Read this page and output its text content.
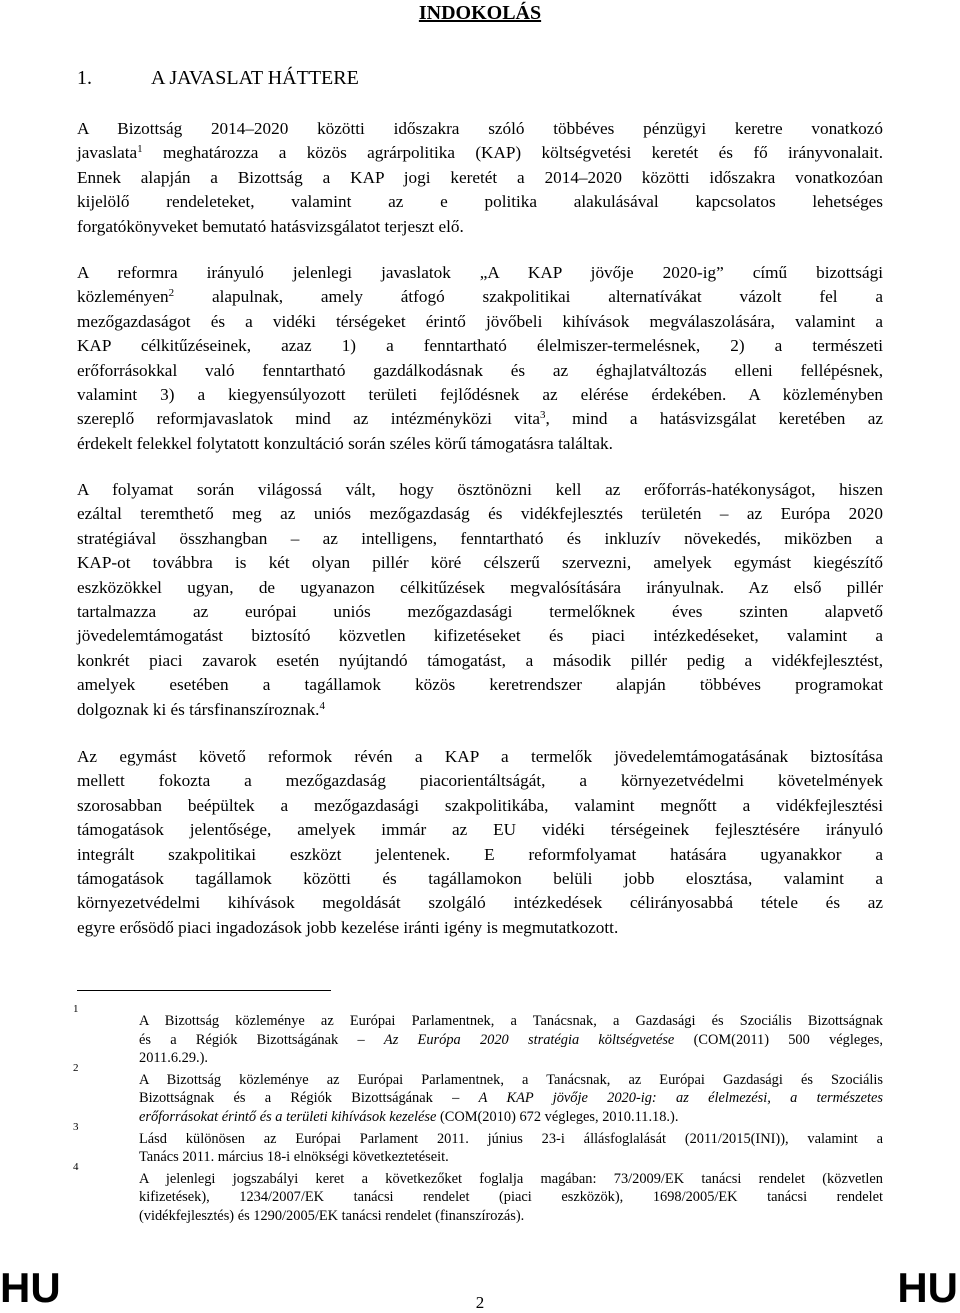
INDOKOLÁS
1.	A JAVASLAT HÁTTERE
A Bizottság 2014–2020 közötti időszakra szóló többéves pénzügyi keretre vonatkozó
javaslata$^1$ meghatározza a közös agrárpolitika (KAP) költségvetési keretét és fő irányvonalait.
Ennek alapján a Bizottság a KAP jogi keretét a 2014–2020 közötti időszakra vonatkozóan
kijelölő rendeleteket, valamint az e politika alakulásával kapcsolatos lehetséges
forgatókönyveket bemutató hatásvizsgálatot terjeszt elő.
A reformra irányuló jelenlegi javaslatok „A KAP jövője 2020-ig” című bizottsági
közleményen$^2$ alapulnak, amely átfogó szakpolitikai alternatívákat vázolt fel a
mezőgazdaságot és a vidéki térségeket érintő jövőbeli kihívások megválaszolására, valamint a
KAP célkitűzéseinek, azaz 1) a fenntartható élelmiszer-termelésnek, 2) a természeti
erőforrásokkal való fenntartható gazdálkodásnak és az éghajlatváltozás elleni fellépésnek,
valamint 3) a kiegyensúlyozott területi fejlődésnek az elérése érdekében. A közleményben
szereplő reformjavaslatok mind az intézményközi vita$^3$, mind a hatásvizsgálat keretében az
érdekelt felekkel folytatott konzultáció során széles körű támogatásra találtak.
A folyamat során világossá vált, hogy ösztönözni kell az erőforrás-hatékonyságot, hiszen
ezáltal teremthető meg az uniós mezőgazdaság és vidékfejlesztés területén – az Európa 2020
stratégiával összhangban – az intelligens, fenntartható és inkluzív növekedés, miközben a
KAP-ot továbbra is két olyan pillér köré célszerű szervezni, amelyek egymást kiegészítő
eszközökkel ugyan, de ugyanazon célkitűzések megvalósítására irányulnak. Az első pillér
tartalmazza az európai uniós mezőgazdasági termelőknek éves szinten alapvető
jövedelemtámogatást biztosító közvetlen kifizetéseket és piaci intézkedéseket, valamint a
konkrét piaci zavarok esetén nyújtandó támogatást, a második pillér pedig a vidékfejlesztést,
amelyek esetében a tagállamok közös keretrendszer alapján többéves programokat
dolgoznak ki és társfinanszíroznak.$^4$
Az egymást követő reformok révén a KAP a termelők jövedelemtámogatásának biztosítása
mellett fokozta a mezőgazdaság piacorientáltságát, a környezetvédelmi követelmények
szorosabban beépültek a mezőgazdasági szakpolitikába, valamint megnőtt a vidékfejlesztési
támogatások jelentősége, amelyek immár az EU vidéki térségeinek fejlesztésére irányuló
integrált szakpolitikai eszközt jelentenek. E reformfolyamat hatására ugyanakkor a
támogatások tagállamok közötti és tagállamokon belüli jobb elosztása, valamint a
környezetvédelmi kihívások megoldását szolgáló intézkedések célirányosabbá tétele és az
egyre erősödő piaci ingadozások jobb kezelése iránti igény is megmutatkozott.
1
A Bizottság közleménye az Európai Parlamentnek, a Tanácsnak, a Gazdasági és Szociális Bizottságnak
és a Régiók Bizottságának – Az Európa 2020 stratégia költségvetése (COM(2011) 500 végleges,
2011.6.29.).
2
A Bizottság közleménye az Európai Parlamentnek, a Tanácsnak, az Európai Gazdasági és Szociális
Bizottságnak és a Régiók Bizottságának – A KAP jövője 2020-ig: az élelmezési, a természetes
erőforrásokat érintő és a területi kihívások kezelése (COM(2010) 672 végleges, 2010.11.18.).
3
Lásd különösen az Európai Parlament 2011. június 23-i állásfoglalását (2011/2015(INI)), valamint a
Tanács 2011. március 18-i elnökségi következtetéseit.
4
A jelenlegi jogszabályi keret a következőket foglalja magában: 73/2009/EK tanácsi rendelet (közvetlen
kifizetések), 1234/2007/EK tanácsi rendelet (piaci eszközök), 1698/2005/EK tanácsi rendelet
(vidékfejlesztés) és 1290/2005/EK tanácsi rendelet (finanszírozás).
HU	2	HU
